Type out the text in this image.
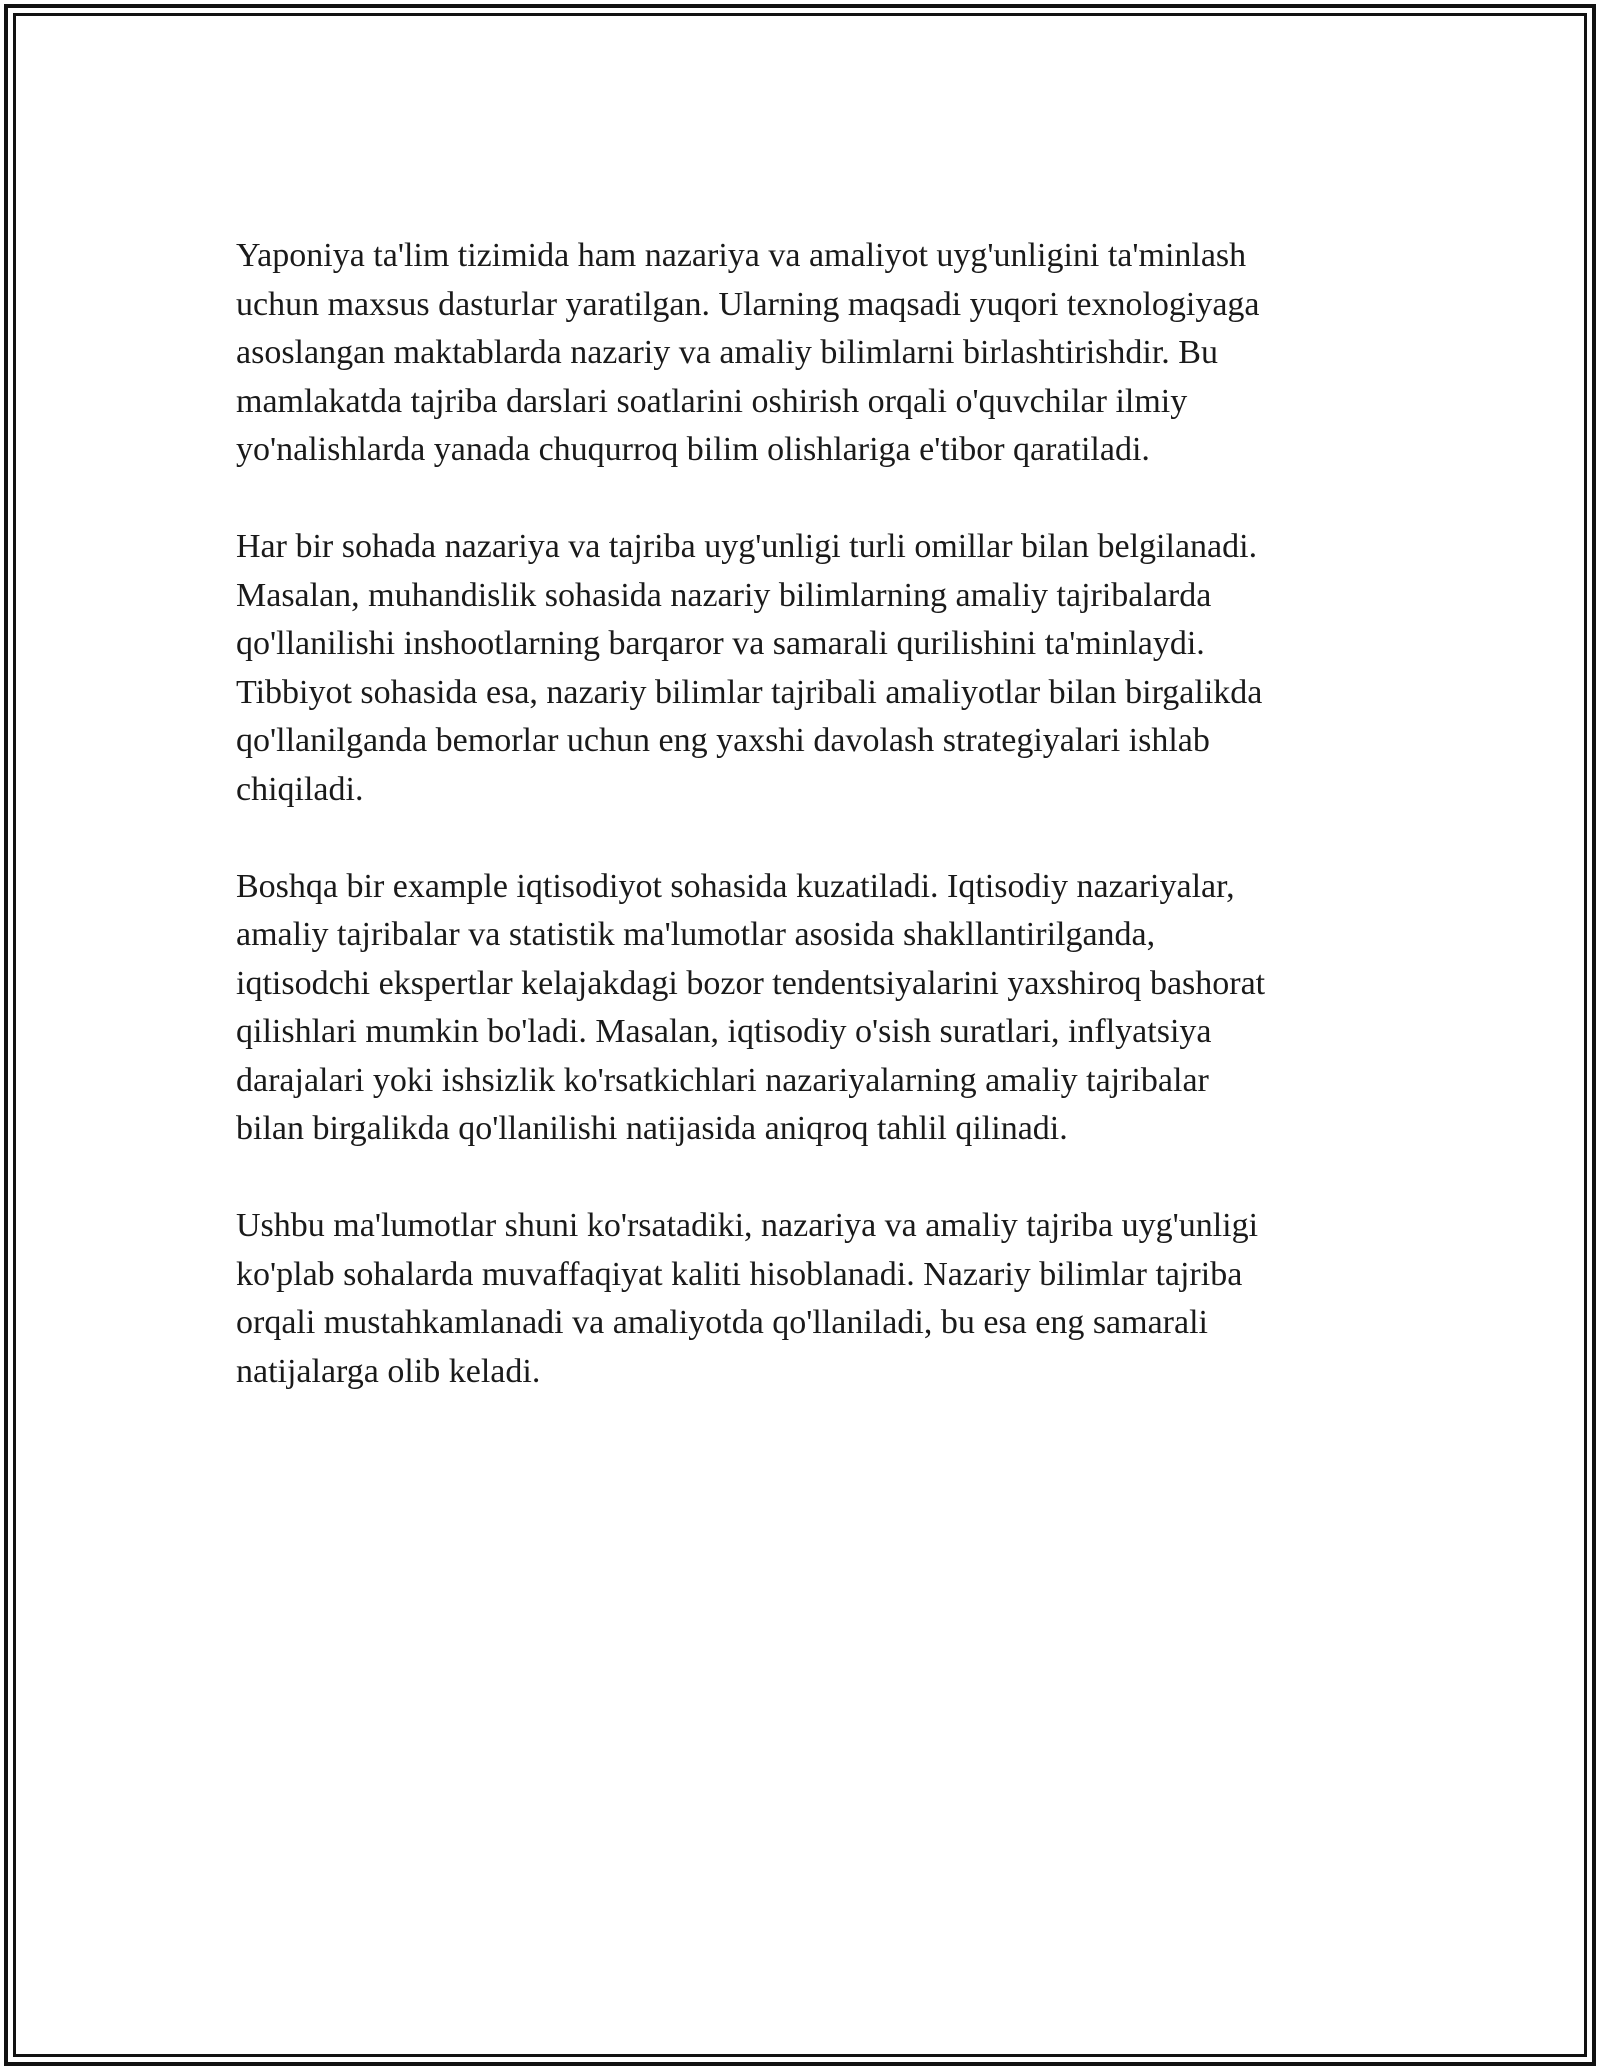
Yaponiya ta'lim tizimida ham nazariya va amaliyot uyg'unligini ta'minlash
uchun maxsus dasturlar yaratilgan. Ularning maqsadi yuqori texnologiyaga
asoslangan maktablarda nazariy va amaliy bilimlarni birlashtirishdir. Bu
mamlakatda tajriba darslari soatlarini oshirish orqali o'quvchilar ilmiy
yo'nalishlarda yanada chuqurroq bilim olishlariga e'tibor qaratiladi.

Har bir sohada nazariya va tajriba uyg'unligi turli omillar bilan belgilanadi.
Masalan, muhandislik sohasida nazariy bilimlarning amaliy tajribalarda
qo'llanilishi inshootlarning barqaror va samarali qurilishini ta'minlaydi.
Tibbiyot sohasida esa, nazariy bilimlar tajribali amaliyotlar bilan birgalikda
qo'llanilganda bemorlar uchun eng yaxshi davolash strategiyalari ishlab
chiqiladi.

Boshqa bir example iqtisodiyot sohasida kuzatiladi. Iqtisodiy nazariyalar,
amaliy tajribalar va statistik ma'lumotlar asosida shakllantirilganda,
iqtisodchi ekspertlar kelajakdagi bozor tendentsiyalarini yaxshiroq bashorat
qilishlari mumkin bo'ladi. Masalan, iqtisodiy o'sish suratlari, inflyatsiya
darajalari yoki ishsizlik ko'rsatkichlari nazariyalarning amaliy tajribalar
bilan birgalikda qo'llanilishi natijasida aniqroq tahlil qilinadi.

Ushbu ma'lumotlar shuni ko'rsatadiki, nazariya va amaliy tajriba uyg'unligi
ko'plab sohalarda muvaffaqiyat kaliti hisoblanadi. Nazariy bilimlar tajriba
orqali mustahkamlanadi va amaliyotda qo'llaniladi, bu esa eng samarali
natijalarga olib keladi.
